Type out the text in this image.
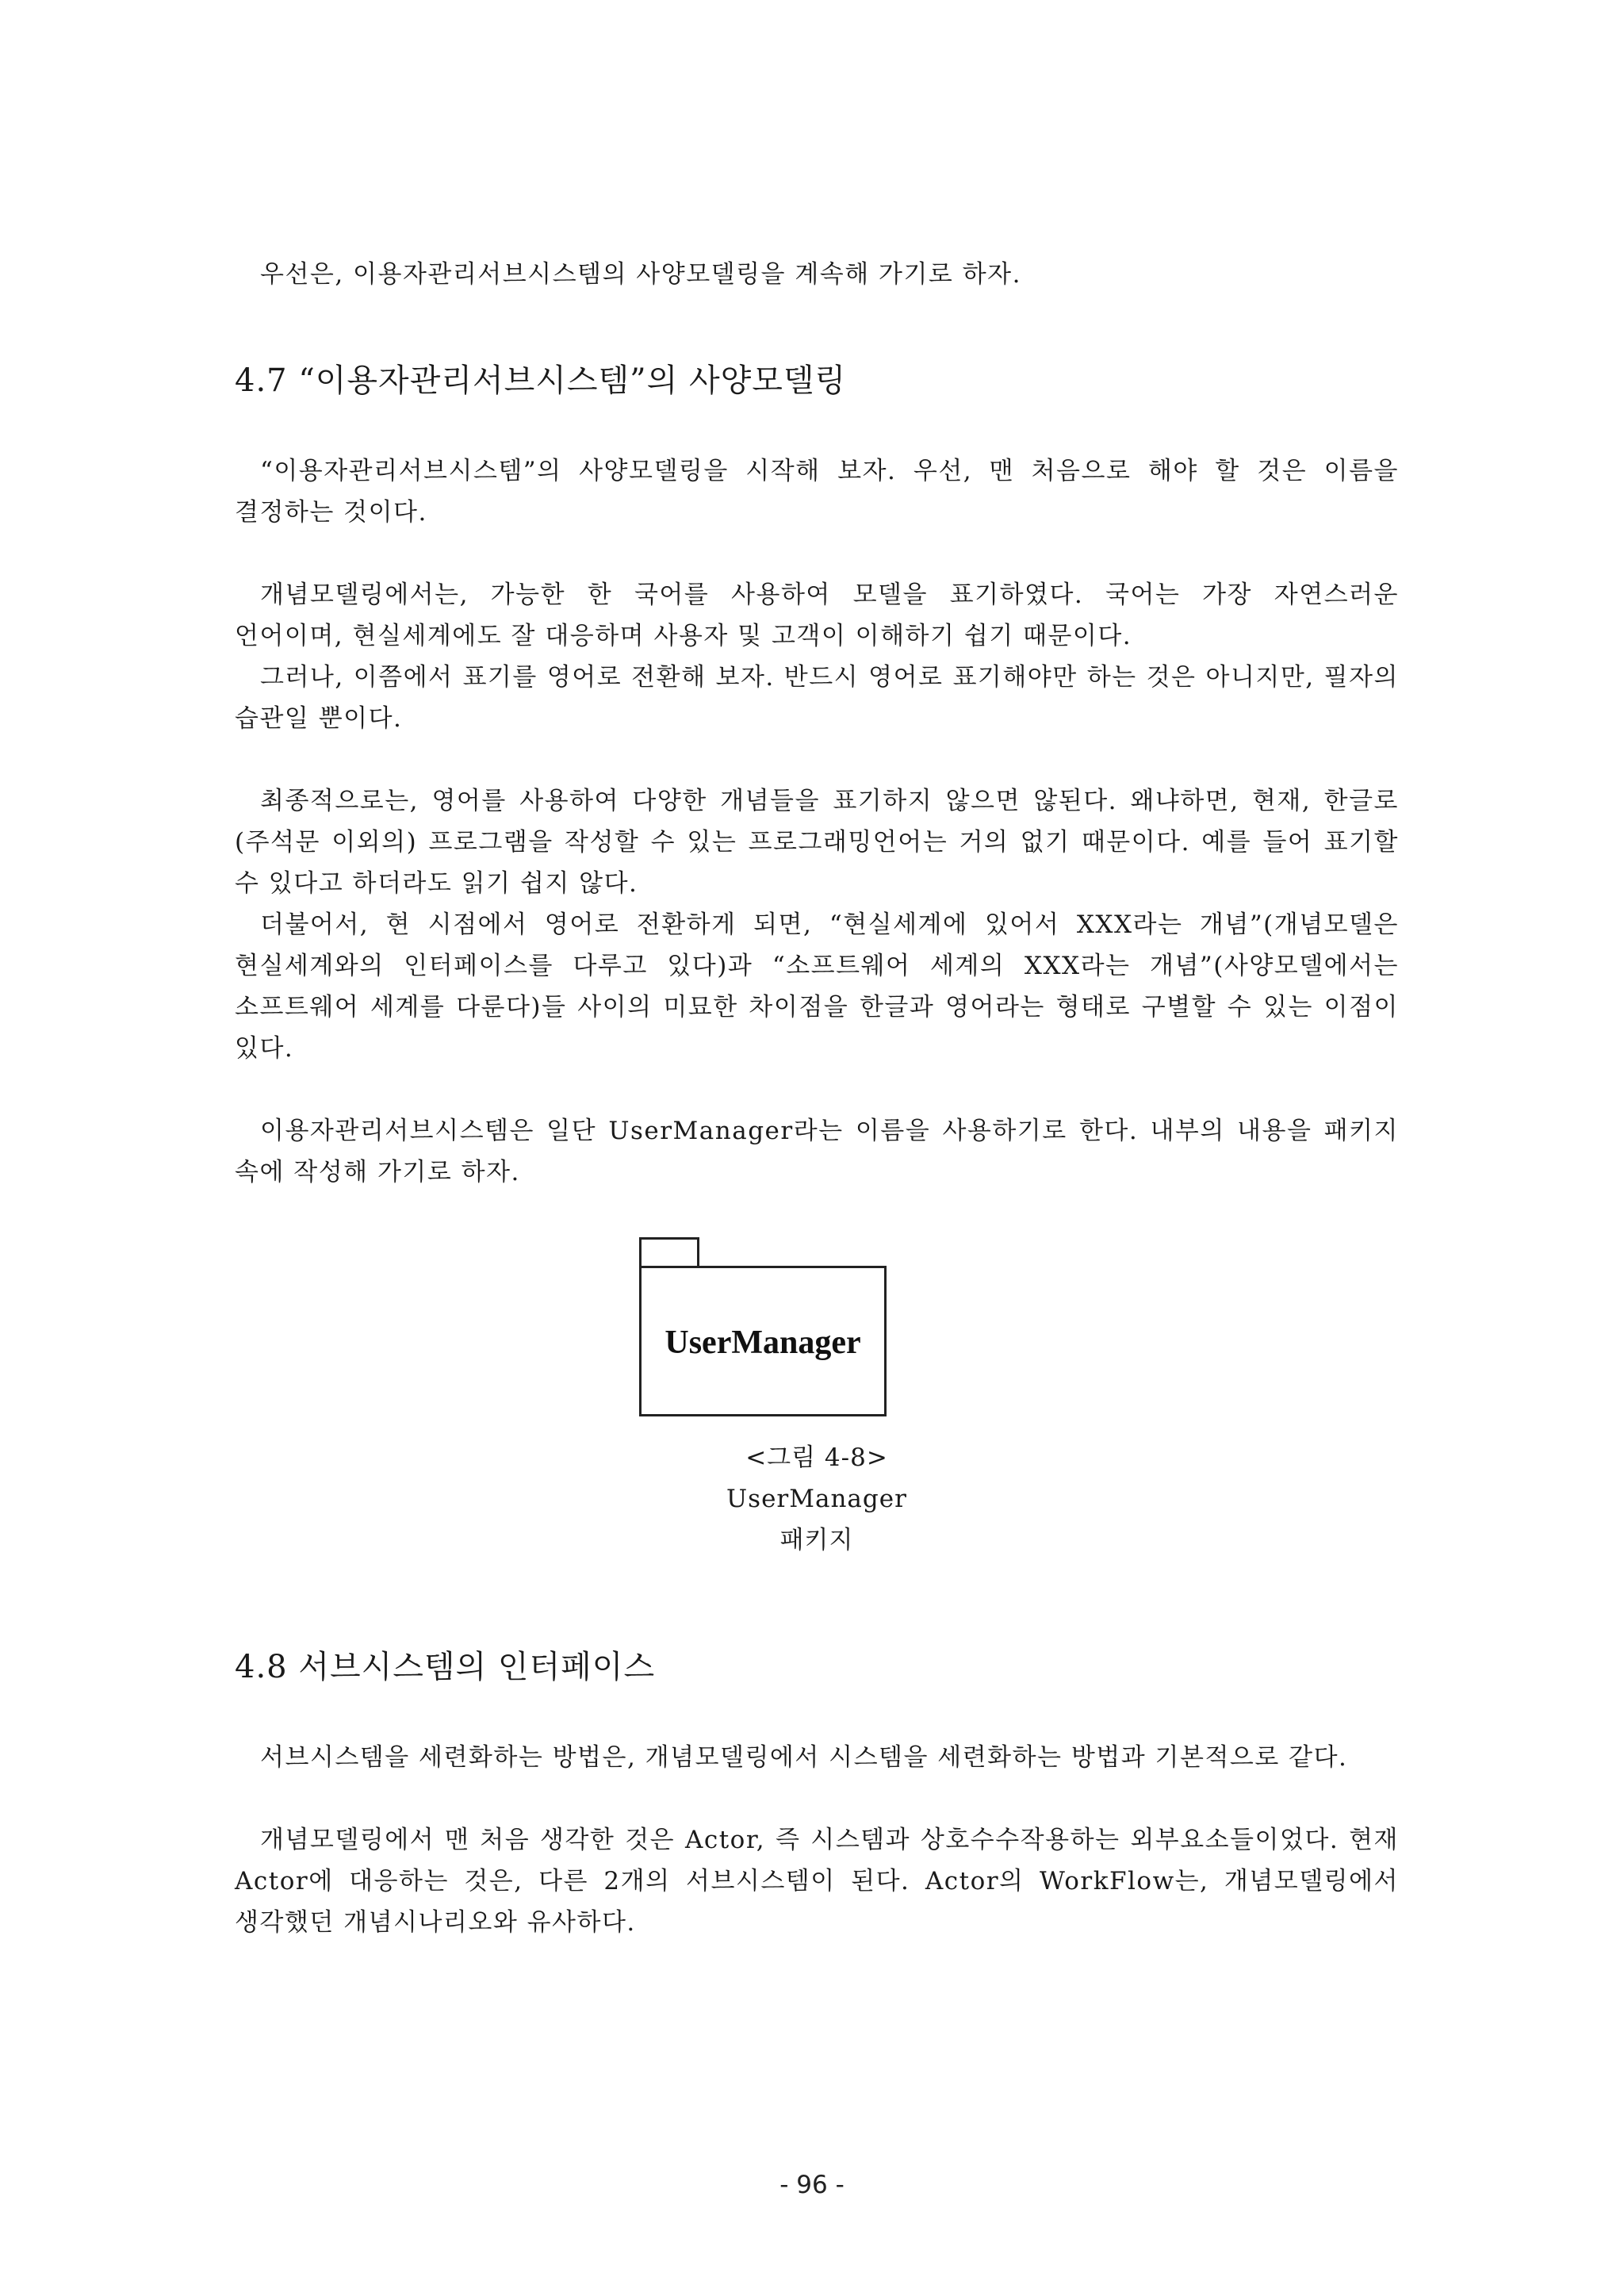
우선은, 이용자관리서브시스템의 사양모델링을 계속해 가기로 하자.

4.7 “이용자관리서브시스템”의 사양모델링

“이용자관리서브시스템”의 사양모델링을 시작해 보자. 우선, 맨 처음으로 해야 할 것은 이름을 결정하는 것이다.

개념모델링에서는, 가능한 한 국어를 사용하여 모델을 표기하였다. 국어는 가장 자연스러운 언어이며, 현실세계에도 잘 대응하며 사용자 및 고객이 이해하기 쉽기 때문이다.

그러나, 이쯤에서 표기를 영어로 전환해 보자. 반드시 영어로 표기해야만 하는 것은 아니지만, 필자의 습관일 뿐이다.

최종적으로는, 영어를 사용하여 다양한 개념들을 표기하지 않으면 않된다. 왜냐하면, 현재, 한글로 (주석문 이외의) 프로그램을 작성할 수 있는 프로그래밍언어는 거의 없기 때문이다. 예를 들어 표기할 수 있다고 하더라도 읽기 쉽지 않다.

더불어서, 현 시점에서 영어로 전환하게 되면, “현실세계에 있어서 XXX라는 개념”(개념모델은 현실세계와의 인터페이스를 다루고 있다)과 “소프트웨어 세계의 XXX라는 개념”(사양모델에서는 소프트웨어 세계를 다룬다)들 사이의 미묘한 차이점을 한글과 영어라는 형태로 구별할 수 있는 이점이 있다.

이용자관리서브시스템은 일단 UserManager라는 이름을 사용하기로 한다. 내부의 내용을 패키지 속에 작성해 가기로 하자.

UserManager
<그림 4-8>
UserManager
패키지
4.8 서브시스템의 인터페이스

서브시스템을 세련화하는 방법은, 개념모델링에서 시스템을 세련화하는 방법과 기본적으로 같다.

개념모델링에서 맨 처음 생각한 것은 Actor, 즉 시스템과 상호수수작용하는 외부요소들이었다. 현재 Actor에 대응하는 것은, 다른 2개의 서브시스템이 된다. Actor의 WorkFlow는, 개념모델링에서 생각했던 개념시나리오와 유사하다.

- 96 -
